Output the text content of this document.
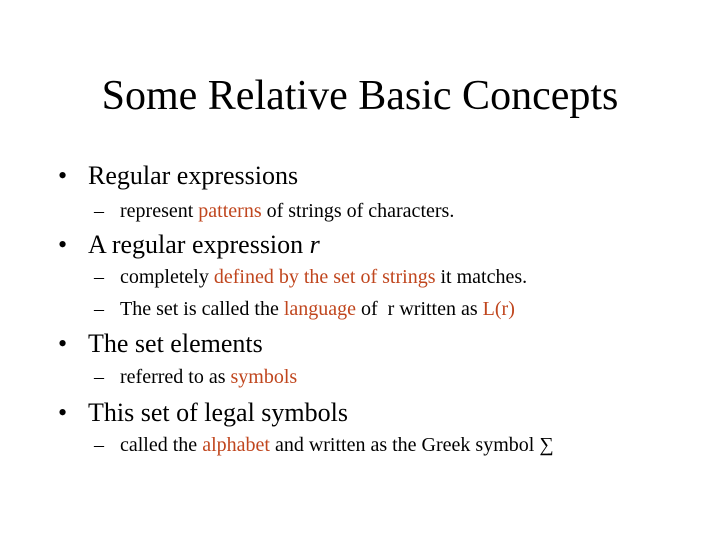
Some Relative Basic Concepts
• Regular expressions
– represent patterns of strings of characters.
• A regular expression r
– completely defined by the set of strings it matches.
– The set is called the language of  r written as L(r)
• The set elements
– referred to as symbols
• This set of legal symbols
– called the alphabet and written as the Greek symbol ∑
